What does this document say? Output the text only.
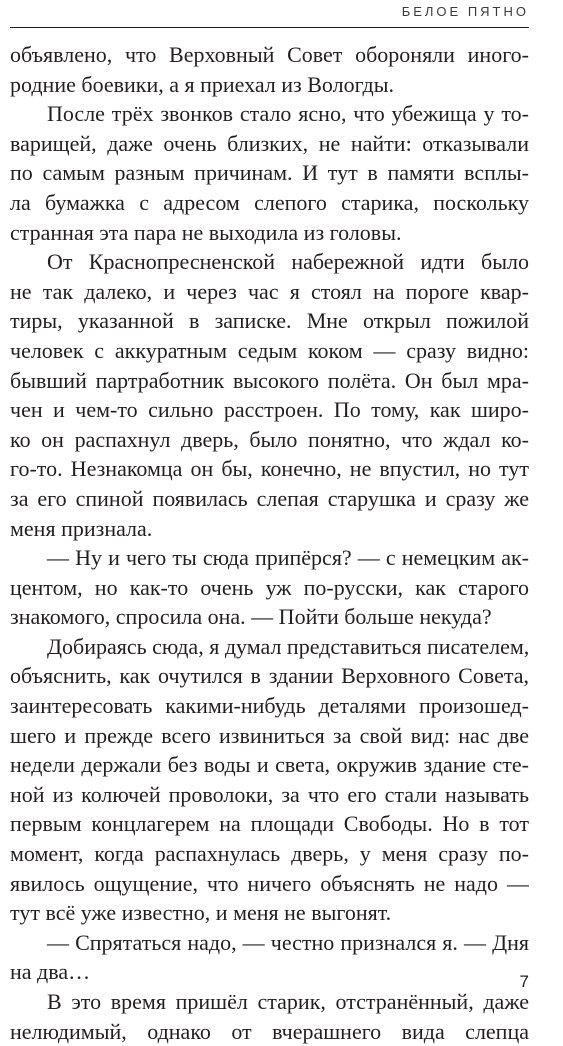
БЕЛОЕ ПЯТНО
объявлено, что Верховный Совет обороняли иного-
родние боевики, а я приехал из Вологды.
После трёх звонков стало ясно, что убежища у то-
варищей, даже очень близких, не найти: отказывали
по самым разным причинам. И тут в памяти всплы-
ла бумажка с адресом слепого старика, поскольку
странная эта пара не выходила из головы.
От Краснопресненской набережной идти было
не так далеко, и через час я стоял на пороге квар-
тиры, указанной в записке. Мне открыл пожилой
человек с аккуратным седым коком — сразу видно:
бывший партработник высокого полёта. Он был мра-
чен и чем-то сильно расстроен. По тому, как широ-
ко он распахнул дверь, было понятно, что ждал ко-
го-то. Незнакомца он бы, конечно, не впустил, но тут
за его спиной появилась слепая старушка и сразу же
меня признала.
— Ну и чего ты сюда припёрся? — с немецким ак-
центом, но как-то очень уж по-русски, как старого
знакомого, спросила она. — Пойти больше некуда?
Добираясь сюда, я думал представиться писателем,
объяснить, как очутился в здании Верховного Совета,
заинтересовать какими-нибудь деталями произошед-
шего и прежде всего извиниться за свой вид: нас две
недели держали без воды и света, окружив здание сте-
ной из колючей проволоки, за что его стали называть
первым концлагерем на площади Свободы. Но в тот
момент, когда распахнулась дверь, у меня сразу по-
явилось ощущение, что ничего объяснять не надо —
тут всё уже известно, и меня не выгонят.
— Спрятаться надо, — честно признался я. — Дня
на два…
В это время пришёл старик, отстранённый, даже
нелюдимый, однако от вчерашнего вида слепца
7
